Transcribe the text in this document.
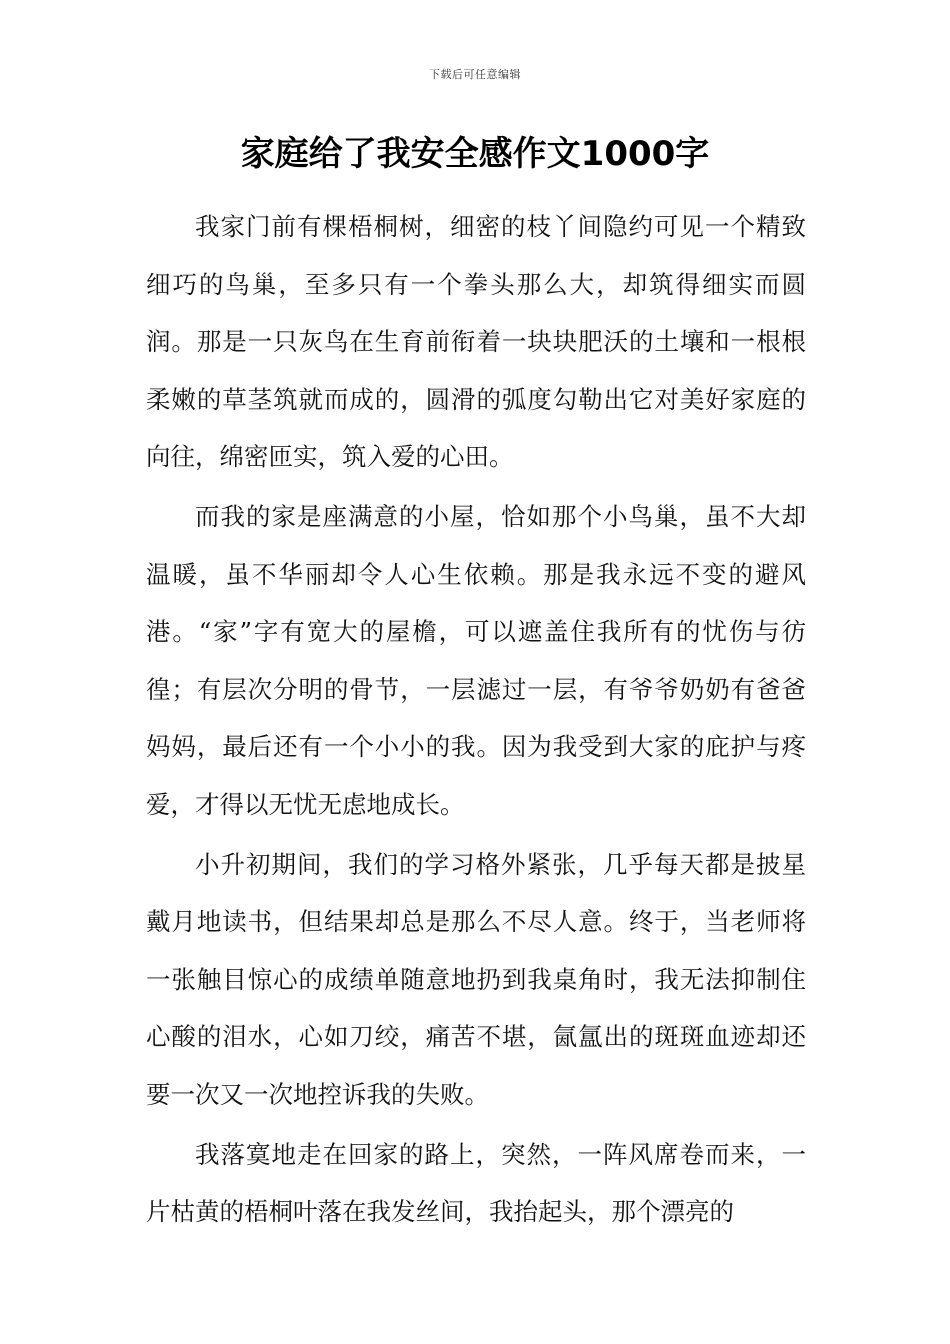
下载后可任意编辑
家庭给了我安全感作文1000字

我家门前有棵梧桐树，细密的枝丫间隐约可见一个精致细巧的鸟巢，至多只有一个拳头那么大，却筑得细实而圆润。那是一只灰鸟在生育前衔着一块块肥沃的土壤和一根根柔嫩的草茎筑就而成的，圆滑的弧度勾勒出它对美好家庭的向往，绵密匝实，筑入爱的心田。

而我的家是座满意的小屋，恰如那个小鸟巢，虽不大却温暖，虽不华丽却令人心生依赖。那是我永远不变的避风港。“家”字有宽大的屋檐，可以遮盖住我所有的忧伤与彷徨；有层次分明的骨节，一层滤过一层，有爷爷奶奶有爸爸妈妈，最后还有一个小小的我。因为我受到大家的庇护与疼爱，才得以无忧无虑地成长。

小升初期间，我们的学习格外紧张，几乎每天都是披星戴月地读书，但结果却总是那么不尽人意。终于，当老师将一张触目惊心的成绩单随意地扔到我桌角时，我无法抑制住心酸的泪水，心如刀绞，痛苦不堪，氤氲出的斑斑血迹却还要一次又一次地控诉我的失败。

我落寞地走在回家的路上，突然，一阵风席卷而来，一片枯黄的梧桐叶落在我发丝间，我抬起头，那个漂亮的
